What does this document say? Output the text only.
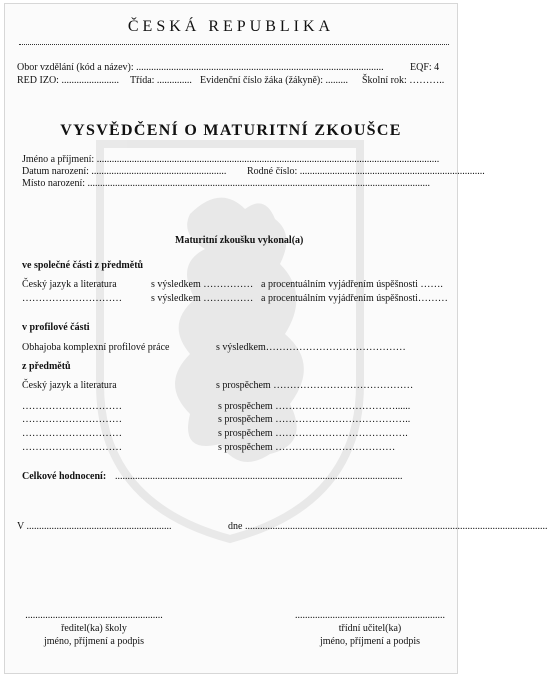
ČESKÁ REPUBLIKA
Obor vzdělání (kód a název): ...................................................................................................	EQF: 4
RED IZO: ....................... Třída: .............. Evidenční číslo žáka (žákyně): ......... Školní rok: ………..
VYSVĚDČENÍ O MATURITNÍ ZKOUŠCE
Jméno a příjmení: .........................................................................................................................................
Datum narození: ...................................................... Rodné číslo: ..........................................................................
Místo narození: .........................................................................................................................................
Maturitní zkoušku vykonal(a)
ve společné části z předmětů
Český jazyk a literatura	s výsledkem …………… a procentuálním vyjádřením úspěšnosti …….
…………………………	s výsledkem …………… a procentuálním vyjádřením úspěšnosti………
v profilové části
Obhajoba komplexní profilové práce	s výsledkem……………………………………
z předmětů
Český jazyk a literatura	s prospěchem ……………………………………
…………………………	s prospěchem ………………………………......
…………………………	s prospěchem …………………………………..
…………………………	s prospěchem ………………………………….
…………………………	s prospěchem ………………………………
Celkové hodnocení: ...................................................................................................................
V ..........................................................	dne .........................................................................................................................
.......................................................
ředitel(ka) školy
jméno, příjmení a podpis
............................................................
třídní učitel(ka)
jméno, příjmení a podpis
